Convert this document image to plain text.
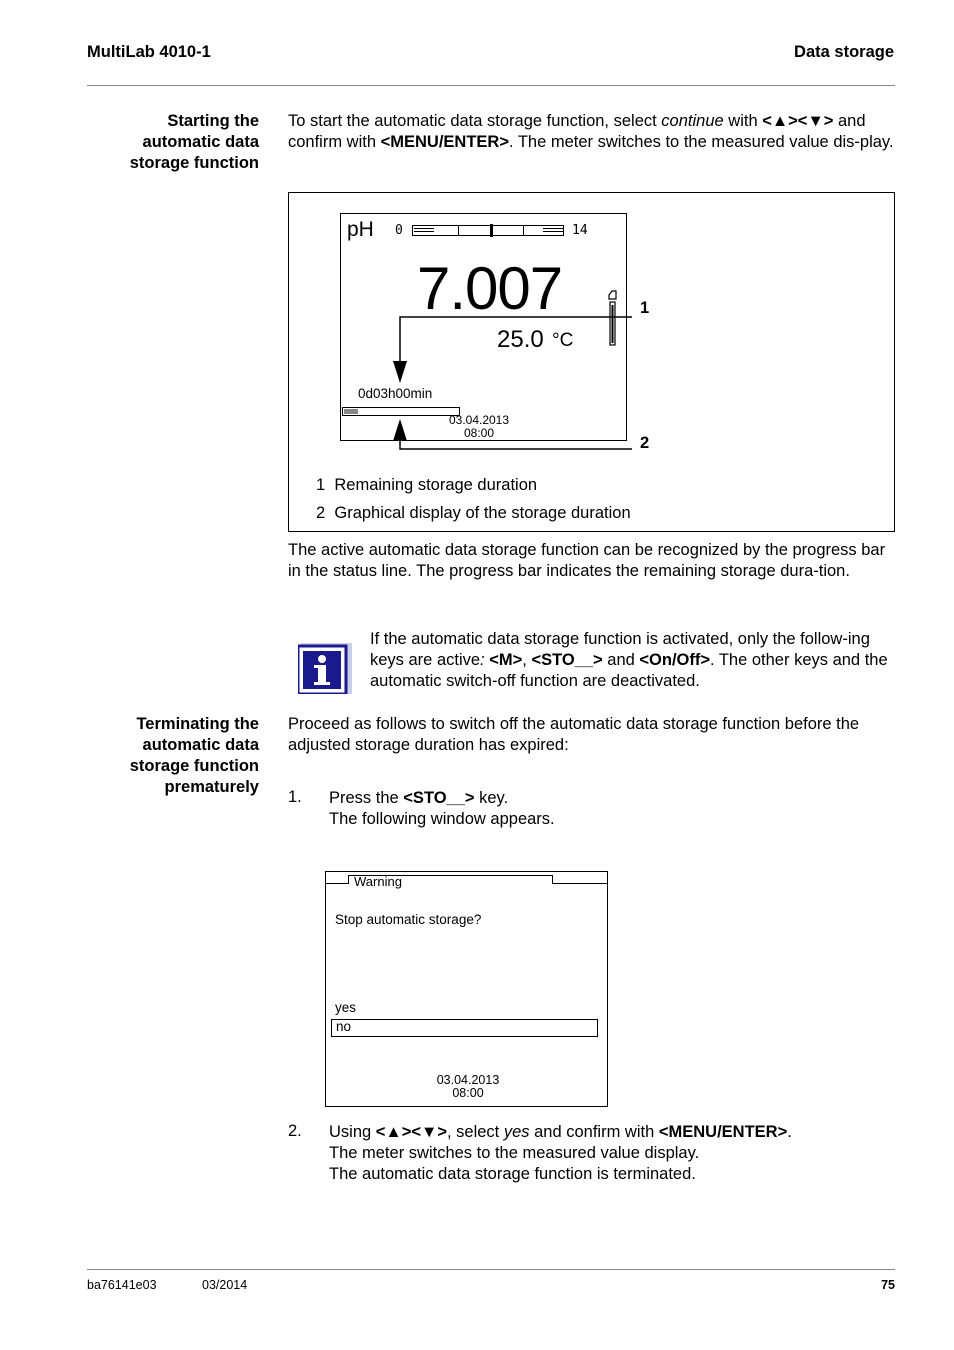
MultiLab 4010-1	Data storage
Starting the
automatic data
storage function
To start the automatic data storage function, select continue with <▲><▼> and confirm with <MENU/ENTER>. The meter switches to the measured value dis-play.
pH 0	14
7.007
25.0 °C
0d03h00min
03.04.2013
08:00
1
2
1 Remaining storage duration
2 Graphical display of the storage duration
The active automatic data storage function can be recognized by the progress bar in the status line. The progress bar indicates the remaining storage dura-tion.
If the automatic data storage function is activated, only the follow-ing keys are active: <M>, <STO__> and <On/Off>. The other keys and the automatic switch-off function are deactivated.
Terminating the
automatic data
storage function
prematurely
Proceed as follows to switch off the automatic data storage function before the adjusted storage duration has expired:
1. Press the <STO__> key.
The following window appears.
Warning
Stop automatic storage?
yes
no
03.04.2013
08:00
2. Using <▲><▼>, select yes and confirm with <MENU/ENTER>.
The meter switches to the measured value display.
The automatic data storage function is terminated.
ba76141e03	03/2014	75
